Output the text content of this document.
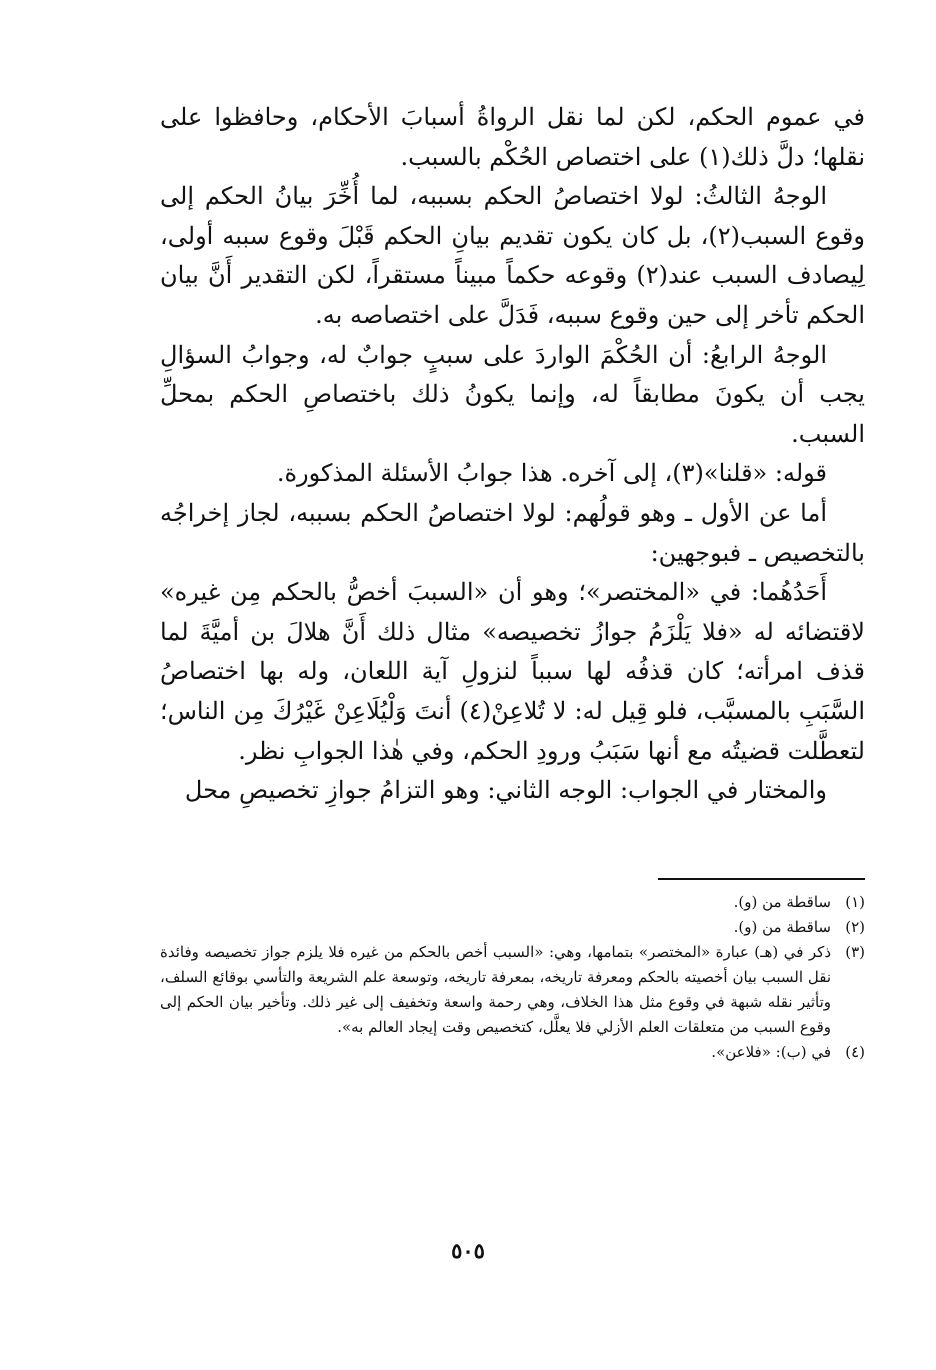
في عموم الحكم، لكن لما نقل الرواةُ أسبابَ الأحكام، وحافظوا على نقلها؛ دلَّ ذلك(١) على اختصاص الحُكْم بالسبب.

الوجهُ الثالثُ: لولا اختصاصُ الحكم بسببه، لما أُخِّرَ بيانُ الحكم إلى وقوع السبب(٢)، بل كان يكون تقديم بيانِ الحكم قَبْلَ وقوع سببه أولى، لِيصادف السبب عند(٢) وقوعه حكماً مبيناً مستقراً، لكن التقدير أَنَّ بيان الحكم تأخر إلى حين وقوع سببه، فَدَلَّ على اختصاصه به.

الوجهُ الرابعُ: أن الحُكْمَ الواردَ على سببٍ جوابٌ له، وجوابُ السؤالِ يجب أن يكونَ مطابقاً له، وإنما يكونُ ذلك باختصاصِ الحكم بمحلِّ السبب.

قوله: «قلنا»(٣)، إلى آخره. هذا جوابُ الأسئلة المذكورة.

أما عن الأول ـ وهو قولُهم: لولا اختصاصُ الحكم بسببه، لجاز إخراجُه بالتخصيص ـ فبوجهين:

أَحَدُهُما: في «المختصر»؛ وهو أن «السببَ أخصُّ بالحكم مِن غيره» لاقتضائه له «فلا يَلْزَمُ جوازُ تخصيصه» مثال ذلك أَنَّ هلالَ بن أميَّةَ لما قذف امرأته؛ كان قذفُه لها سبباً لنزولِ آية اللعان، وله بها اختصاصُ السَّبَبِ بالمسبَّب، فلو قِيل له: لا تُلاعِنْ(٤) أنتَ وَلْيُلَاعِنْ غَيْرُكَ مِن الناس؛ لتعطَّلت قضيتُه مع أنها سَبَبُ ورودِ الحكم، وفي هٰذا الجوابِ نظر.

والمختار في الجواب: الوجه الثاني: وهو التزامُ جوازِ تخصيصِ محل

(١)
ساقطة من (و).
(٢)
ساقطة من (و).
(٣)
ذكر في (هـ) عبارة «المختصر» بتمامها، وهي: «السبب أخص بالحكم من غيره فلا يلزم جواز تخصيصه وفائدة نقل السبب بيان أخصيته بالحكم ومعرفة تاريخه، بمعرفة تاريخه، وتوسعة علم الشريعة والتأسي بوقائع السلف، وتأثير نقله شبهة في وقوع مثل هذا الخلاف، وهي رحمة واسعة وتخفيف إلى غير ذلك. وتأخير بيان الحكم إلى وقوع السبب من متعلقات العلم الأزلي فلا يعلَّل، كتخصيص وقت إيجاد العالم به».
(٤)
في (ب): «فلاعن».
٥٠٥
